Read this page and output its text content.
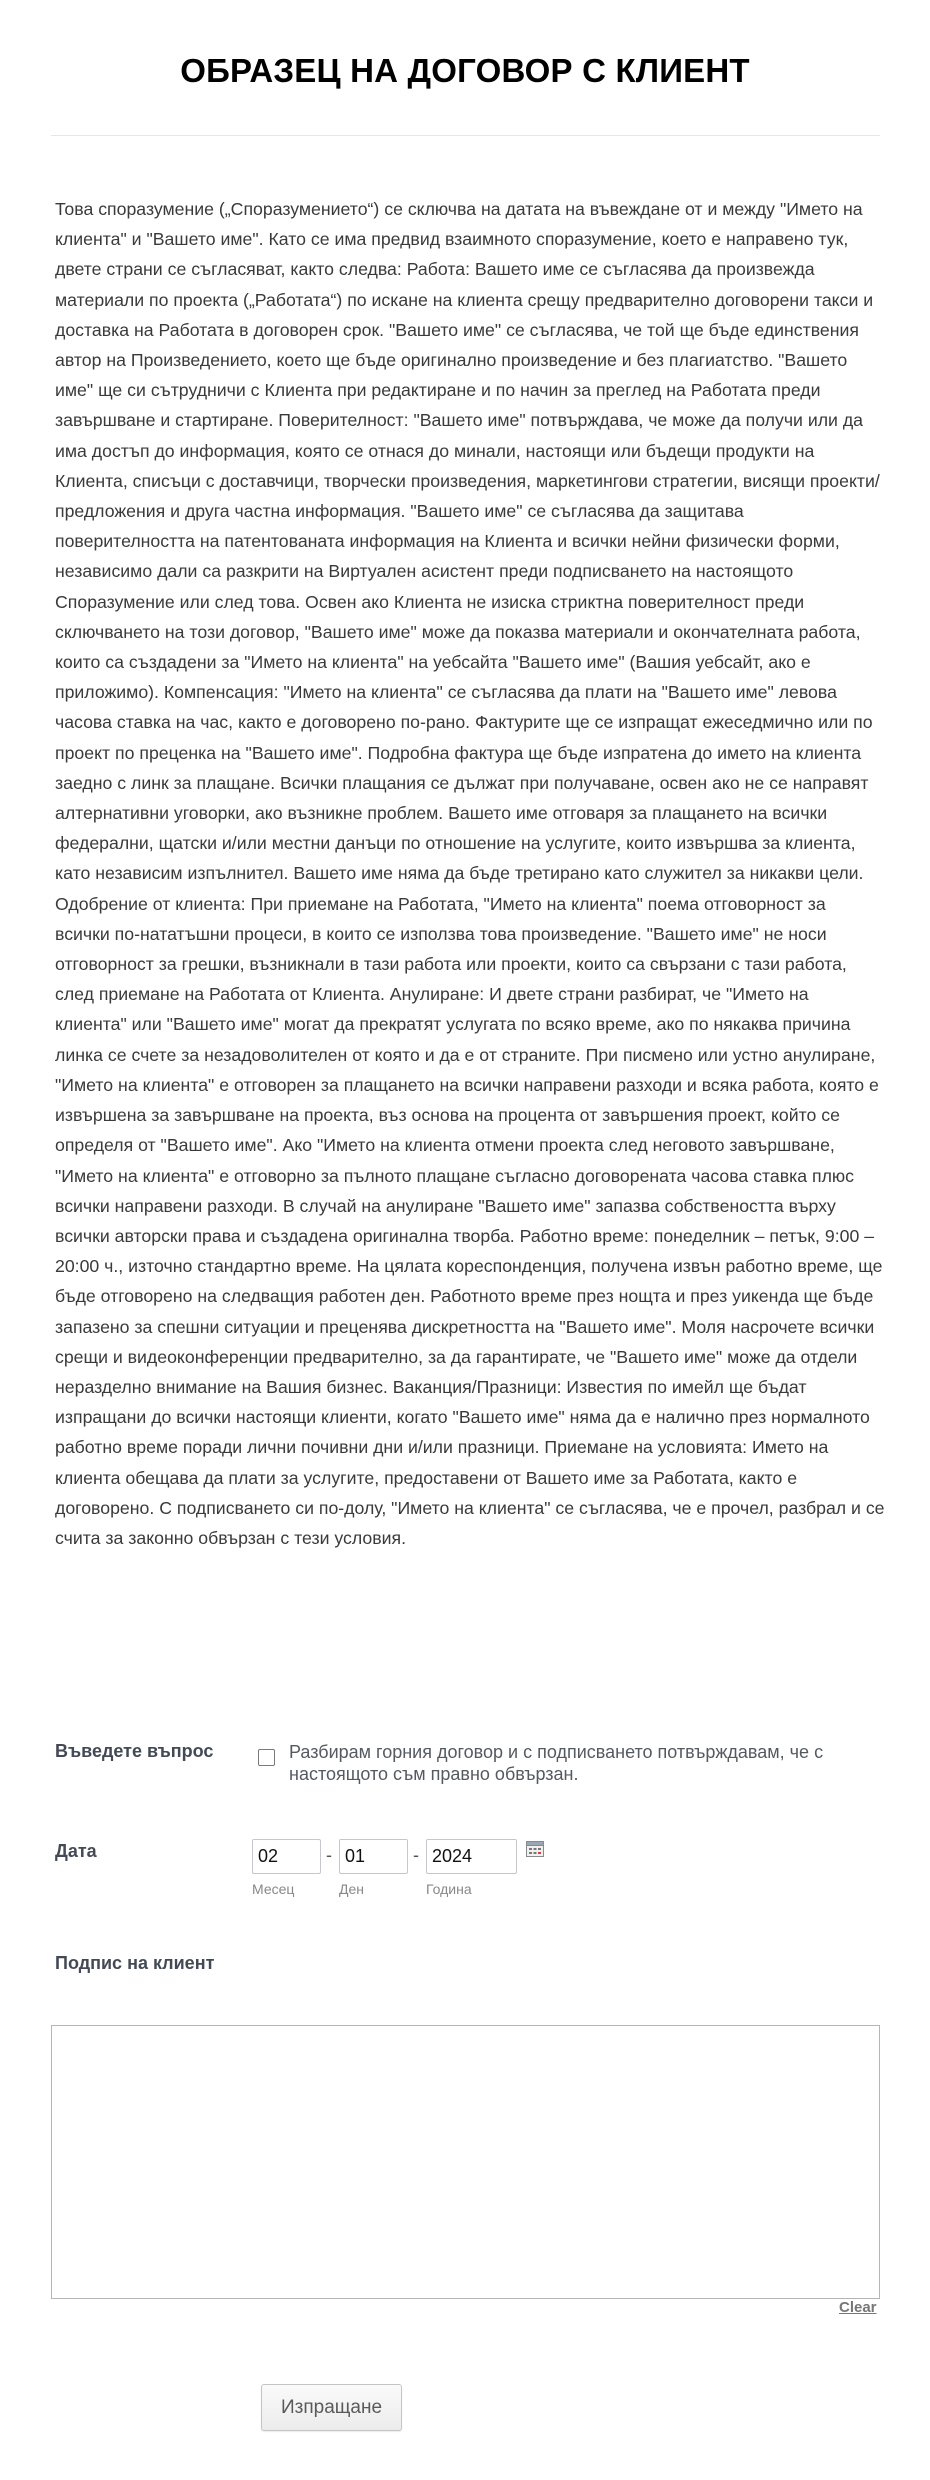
ОБРАЗЕЦ НА ДОГОВОР С КЛИЕНТ

Това споразумение („Споразумението“) се сключва на датата на въвеждане от и между "Името на клиента" и "Вашето име". Като се има предвид взаимното споразумение, което е направено тук, двете страни се съгласяват, както следва: Работа: Вашето име се съгласява да произвежда материали по проекта („Работата“) по искане на клиента срещу предварително договорени такси и доставка на Работата в договорен срок. "Вашето име" се съгласява, че той ще бъде единствения автор на Произведението, което ще бъде оригинално произведение и без плагиатство. "Вашето име" ще си сътрудничи с Клиента при редактиране и по начин за преглед на Работата преди завършване и стартиране. Поверителност: "Вашето име" потвърждава, че може да получи или да има достъп до информация, която се отнася до минали, настоящи или бъдещи продукти на Клиента, списъци с доставчици, творчески произведения, маркетингови стратегии, висящи проекти/предложения и друга частна информация. "Вашето име" се съгласява да защитава поверителността на патентованата информация на Клиента и всички нейни физически форми, независимо дали са разкрити на Виртуален асистент преди подписването на настоящото Споразумение или след това. Освен ако Клиента не изиска стриктна поверителност преди сключването на този договор, "Вашето име" може да показва материали и окончателната работа, които са създадени за "Името на клиента" на уебсайта "Вашето име" (Вашия уебсайт, ако е приложимо). Компенсация: "Името на клиента" се съгласява да плати на "Вашето име" левова часова ставка на час, както е договорено по-рано. Фактурите ще се изпращат ежеседмично или по проект по преценка на "Вашето име". Подробна фактура ще бъде изпратена до името на клиента заедно с линк за плащане. Всички плащания се дължат при получаване, освен ако не се направят алтернативни уговорки, ако възникне проблем. Вашето име отговаря за плащането на всички федерални, щатски и/или местни данъци по отношение на услугите, които извършва за клиента, като независим изпълнител. Вашето име няма да бъде третирано като служител за никакви цели. Одобрение от клиента: При приемане на Работата, "Името на клиента" поема отговорност за всички по-нататъшни процеси, в които се използва това произведение. "Вашето име" не носи отговорност за грешки, възникнали в тази работа или проекти, които са свързани с тази работа, след приемане на Работата от Клиента. Анулиране: И двете страни разбират, че "Името на клиента" или "Вашето име" могат да прекратят услугата по всяко време, ако по някаква причина линка се счете за незадоволителен от която и да е от страните. При писмено или устно анулиране, "Името на клиента" е отговорен за плащането на всички направени разходи и всяка работа, която е извършена за завършване на проекта, въз основа на процента от завършения проект, който се определя от "Вашето име". Ако "Името на клиента отмени проекта след неговото завършване, "Името на клиента" е отговорно за пълното плащане съгласно договорената часова ставка плюс всички направени разходи. В случай на анулиране "Вашето име" запазва собствеността върху всички авторски права и създадена оригинална творба. Работно време: понеделник – петък, 9:00 – 20:00 ч., източно стандартно време. На цялата кореспонденция, получена извън работно време, ще бъде отговорено на следващия работен ден. Работното време през нощта и през уикенда ще бъде запазено за спешни ситуации и преценява дискретността на "Вашето име". Моля насрочете всички срещи и видеоконференции предварително, за да гарантирате, че "Вашето име" може да отдели неразделно внимание на Вашия бизнес. Ваканция/Празници: Известия по имейл ще бъдат изпращани до всички настоящи клиенти, когато "Вашето име" няма да е налично през нормалното работно време поради лични почивни дни и/или празници. Приемане на условията: Името на клиента обещава да плати за услугите, предоставени от Вашето име за Работата, както е договорено. С подписването си по-долу, "Името на клиента" се съгласява, че е прочел, разбрал и се счита за законно обвързан с тези условия.

Въведете въпрос	Разбирам горния договор и с подписването потвърждавам, че с настоящото съм правно обвързан.
Дата
02	-
01	-
2024
Месец	Ден	Година
Подпис на клиент
Clear
Изпращане
